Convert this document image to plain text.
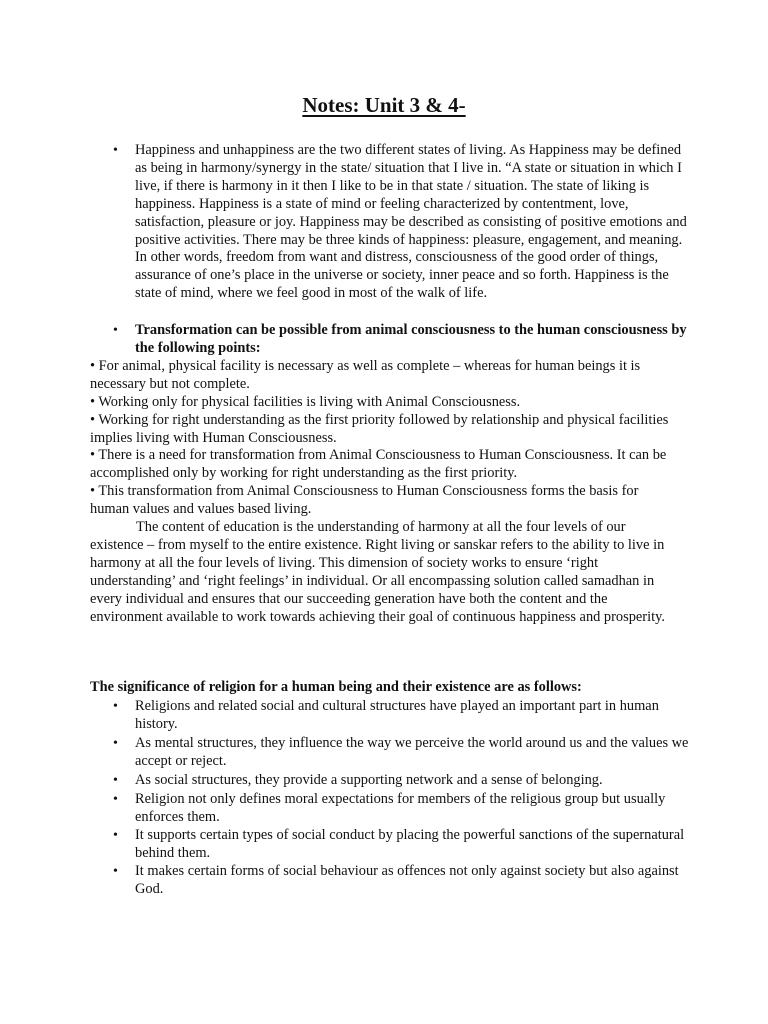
Notes: Unit 3 & 4-
• Happiness and unhappiness are the two different states of living. As Happiness may be defined as being in harmony/synergy in the state/ situation that I live in. “A state or situation in which I live, if there is harmony in it then I like to be in that state / situation. The state of liking is happiness. Happiness is a state of mind or feeling characterized by contentment, love, satisfaction, pleasure or joy. Happiness may be described as consisting of positive emotions and positive activities. There may be three kinds of happiness: pleasure, engagement, and meaning. In other words, freedom from want and distress, consciousness of the good order of things, assurance of one’s place in the universe or society, inner peace and so forth. Happiness is the state of mind, where we feel good in most of the walk of life.
• Transformation can be possible from animal consciousness to the human consciousness by the following points:
• For animal, physical facility is necessary as well as complete – whereas for human beings it is necessary but not complete.
• Working only for physical facilities is living with Animal Consciousness.
• Working for right understanding as the first priority followed by relationship and physical facilities implies living with Human Consciousness.
• There is a need for transformation from Animal Consciousness to Human Consciousness. It can be accomplished only by working for right understanding as the first priority.
• This transformation from Animal Consciousness to Human Consciousness forms the basis for human values and values based living.
The content of education is the understanding of harmony at all the four levels of our existence – from myself to the entire existence. Right living or sanskar refers to the ability to live in harmony at all the four levels of living. This dimension of society works to ensure ‘right understanding’ and ‘right feelings’ in individual. Or all encompassing solution called samadhan in every individual and ensures that our succeeding generation have both the content and the environment available to work towards achieving their goal of continuous happiness and prosperity.
The significance of religion for a human being and their existence are as follows:
• Religions and related social and cultural structures have played an important part in human history.
• As mental structures, they influence the way we perceive the world around us and the values we accept or reject.
• As social structures, they provide a supporting network and a sense of belonging.
• Religion not only defines moral expectations for members of the religious group but usually enforces them.
• It supports certain types of social conduct by placing the powerful sanctions of the supernatural behind them.
• It makes certain forms of social behaviour as offences not only against society but also against God.
